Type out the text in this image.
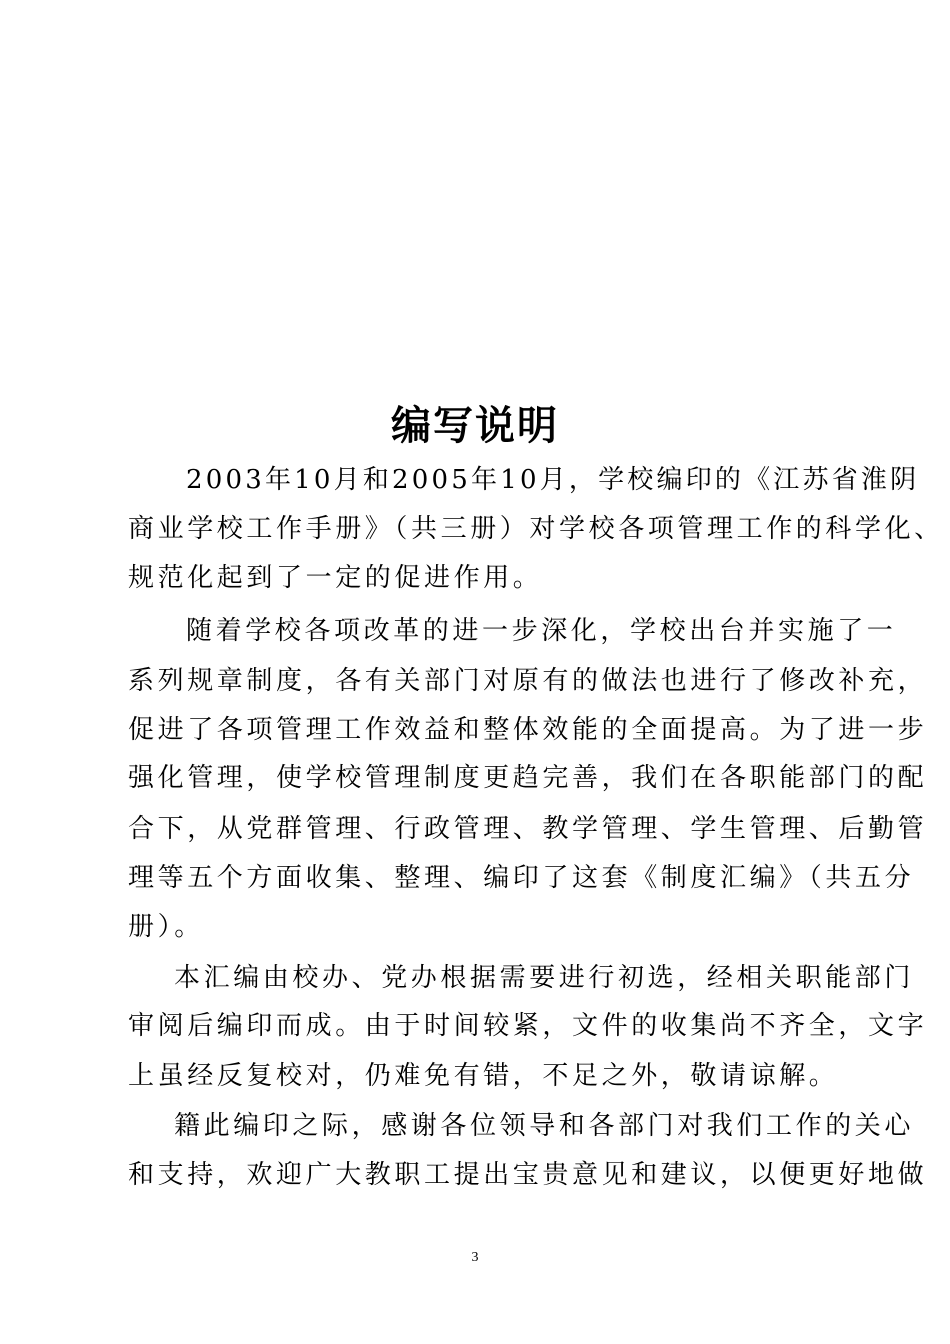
编写说明
2003年10月和2005年10月，学校编印的《江苏省淮阴
商业学校工作手册》（共三册）对学校各项管理工作的科学化、
规范化起到了一定的促进作用。
随着学校各项改革的进一步深化，学校出台并实施了一
系列规章制度，各有关部门对原有的做法也进行了修改补充，
促进了各项管理工作效益和整体效能的全面提高。为了进一步
强化管理，使学校管理制度更趋完善，我们在各职能部门的配
合下，从党群管理、行政管理、教学管理、学生管理、后勤管
理等五个方面收集、整理、编印了这套《制度汇编》（共五分
册）。
本汇编由校办、党办根据需要进行初选，经相关职能部门
审阅后编印而成。由于时间较紧，文件的收集尚不齐全，文字
上虽经反复校对，仍难免有错，不足之外，敬请谅解。
籍此编印之际，感谢各位领导和各部门对我们工作的关心
和支持，欢迎广大教职工提出宝贵意见和建议，以便更好地做
3
